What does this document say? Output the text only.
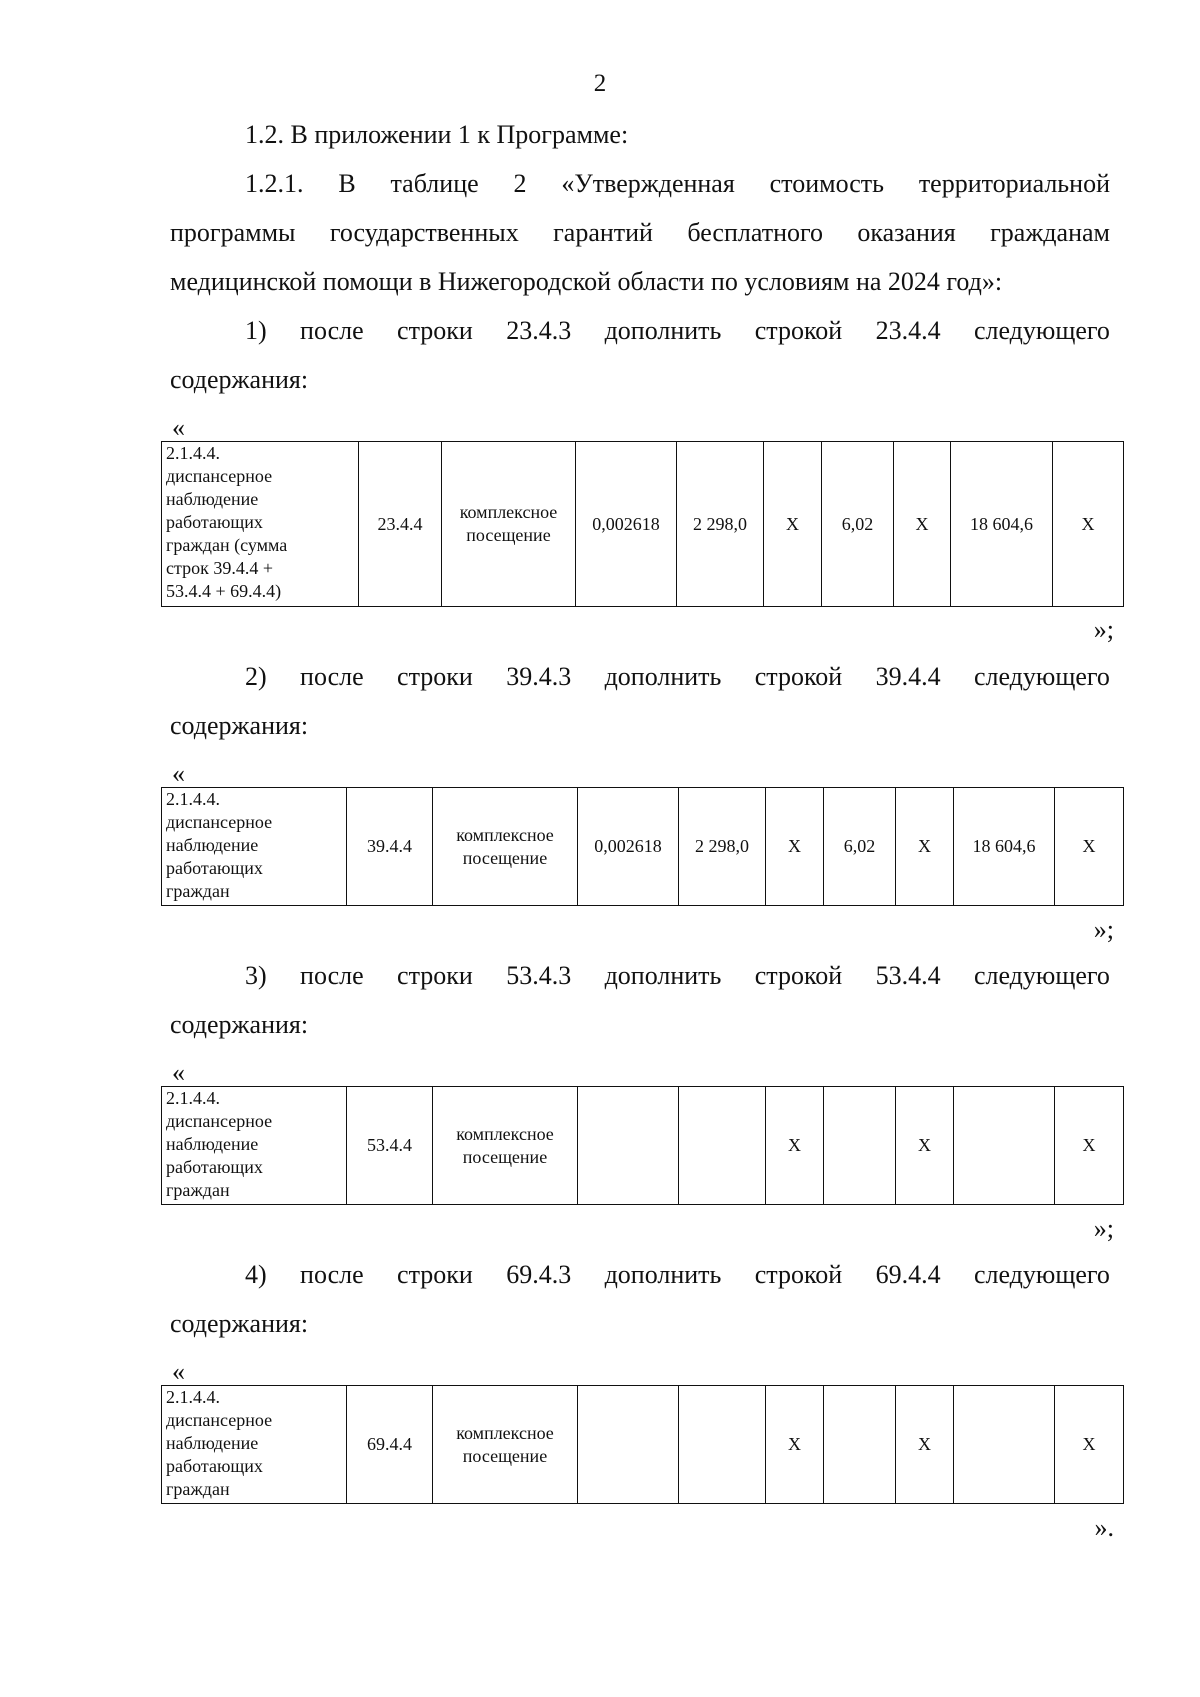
2

1.2. В приложении 1 к Программе:

1.2.1. В таблице 2 «Утвержденная стоимость территориальной

программы государственных гарантий бесплатного оказания гражданам

медицинской помощи в Нижегородской области по условиям на 2024 год»:

1) после строки 23.4.3 дополнить строкой 23.4.4 следующего

содержания:

«
2.1.4.4.
диспансерное
наблюдение
работающих
граждан (сумма
строк 39.4.4 +
53.4.4 + 69.4.4)
	23.4.4	
комплексное
посещение
	0,002618	2 298,0	Х	6,02	Х	18 604,6	Х
»;

2) после строки 39.4.3 дополнить строкой 39.4.4 следующего

содержания:

«
2.1.4.4.
диспансерное
наблюдение
работающих
граждан
	39.4.4	
комплексное
посещение
	0,002618	2 298,0	Х	6,02	Х	18 604,6	Х
»;

3) после строки 53.4.3 дополнить строкой 53.4.4 следующего

содержания:

«
2.1.4.4.
диспансерное
наблюдение
работающих
граждан
	53.4.4	
комплексное
посещение
			Х		Х		Х
»;

4) после строки 69.4.3 дополнить строкой 69.4.4 следующего

содержания:

«
2.1.4.4.
диспансерное
наблюдение
работающих
граждан
	69.4.4	
комплексное
посещение
			Х		Х		Х
».
